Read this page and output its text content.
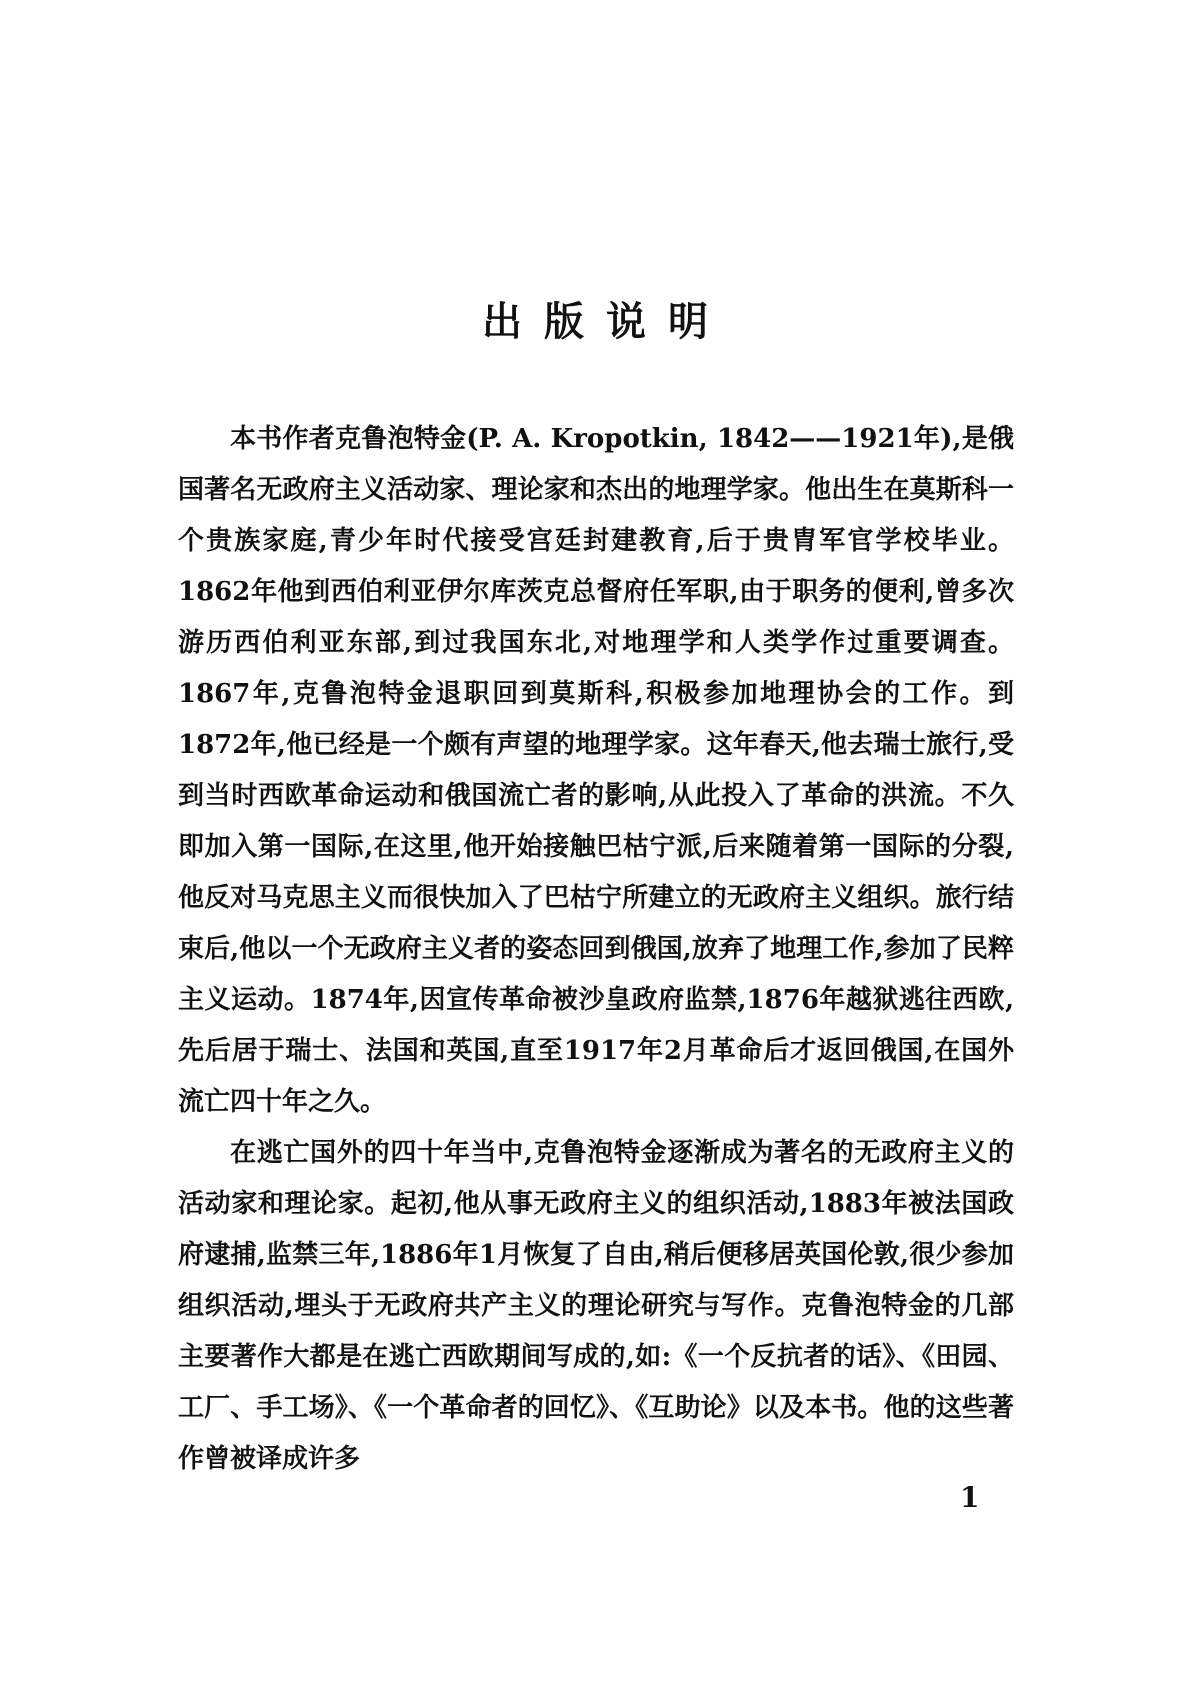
出版说明

本书作者克鲁泡特金(P. A. Kropotkin, 1842——1921年),是俄国著名无政府主义活动家、理论家和杰出的地理学家。他出生在莫斯科一个贵族家庭,青少年时代接受宫廷封建教育,后于贵胄军官学校毕业。1862年他到西伯利亚伊尔库茨克总督府任军职,由于职务的便利,曾多次游历西伯利亚东部,到过我国东北,对地理学和人类学作过重要调查。1867年,克鲁泡特金退职回到莫斯科,积极参加地理协会的工作。到1872年,他已经是一个颇有声望的地理学家。这年春天,他去瑞士旅行,受到当时西欧革命运动和俄国流亡者的影响,从此投入了革命的洪流。不久即加入第一国际,在这里,他开始接触巴枯宁派,后来随着第一国际的分裂,他反对马克思主义而很快加入了巴枯宁所建立的无政府主义组织。旅行结束后,他以一个无政府主义者的姿态回到俄国,放弃了地理工作,参加了民粹主义运动。1874年,因宣传革命被沙皇政府监禁,1876年越狱逃往西欧,先后居于瑞士、法国和英国,直至1917年2月革命后才返回俄国,在国外流亡四十年之久。

在逃亡国外的四十年当中,克鲁泡特金逐渐成为著名的无政府主义的活动家和理论家。起初,他从事无政府主义的组织活动,1883年被法国政府逮捕,监禁三年,1886年1月恢复了自由,稍后便移居英国伦敦,很少参加组织活动,埋头于无政府共产主义的理论研究与写作。克鲁泡特金的几部主要著作大都是在逃亡西欧期间写成的,如:《一个反抗者的话》、《田园、工厂、手工场》、《一个革命者的回忆》、《互助论》以及本书。他的这些著作曾被译成许多

1
